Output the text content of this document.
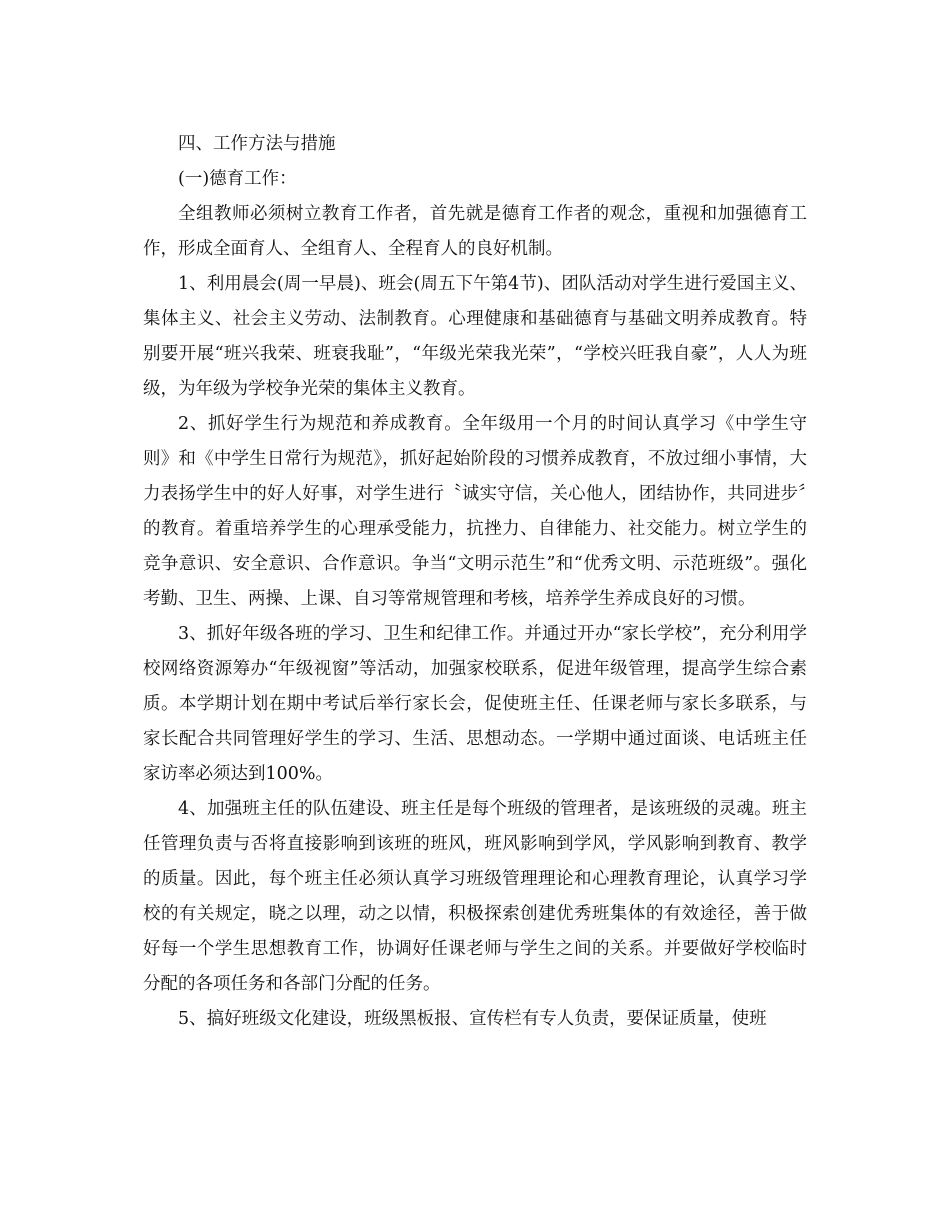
四、工作方法与措施

(一)德育工作：

全组教师必须树立教育工作者，首先就是德育工作者的观念，重视和加强德育工作，形成全面育人、全组育人、全程育人的良好机制。

1、利用晨会(周一早晨)、班会(周五下午第4节)、团队活动对学生进行爱国主义、集体主义、社会主义劳动、法制教育。心理健康和基础德育与基础文明养成教育。特别要开展“班兴我荣、班衰我耻”，“年级光荣我光荣”，“学校兴旺我自豪”，人人为班级，为年级为学校争光荣的集体主义教育。

2、抓好学生行为规范和养成教育。全年级用一个月的时间认真学习《中学生守则》和《中学生日常行为规范》，抓好起始阶段的习惯养成教育，不放过细小事情，大力表扬学生中的好人好事，对学生进行〝诚实守信，关心他人，团结协作，共同进步〞的教育。着重培养学生的心理承受能力，抗挫力、自律能力、社交能力。树立学生的竞争意识、安全意识、合作意识。争当“文明示范生”和“优秀文明、示范班级”。强化考勤、卫生、两操、上课、自习等常规管理和考核，培养学生养成良好的习惯。

3、抓好年级各班的学习、卫生和纪律工作。并通过开办“家长学校”，充分利用学校网络资源筹办“年级视窗”等活动，加强家校联系，促进年级管理，提高学生综合素质。本学期计划在期中考试后举行家长会，促使班主任、任课老师与家长多联系，与家长配合共同管理好学生的学习、生活、思想动态。一学期中通过面谈、电话班主任家访率必须达到100%。

4、加强班主任的队伍建设、班主任是每个班级的管理者，是该班级的灵魂。班主任管理负责与否将直接影响到该班的班风，班风影响到学风，学风影响到教育、教学的质量。因此，每个班主任必须认真学习班级管理理论和心理教育理论，认真学习学校的有关规定，晓之以理，动之以情，积极探索创建优秀班集体的有效途径，善于做好每一个学生思想教育工作，协调好任课老师与学生之间的关系。并要做好学校临时分配的各项任务和各部门分配的任务。

5、搞好班级文化建设，班级黑板报、宣传栏有专人负责，要保证质量，使班
